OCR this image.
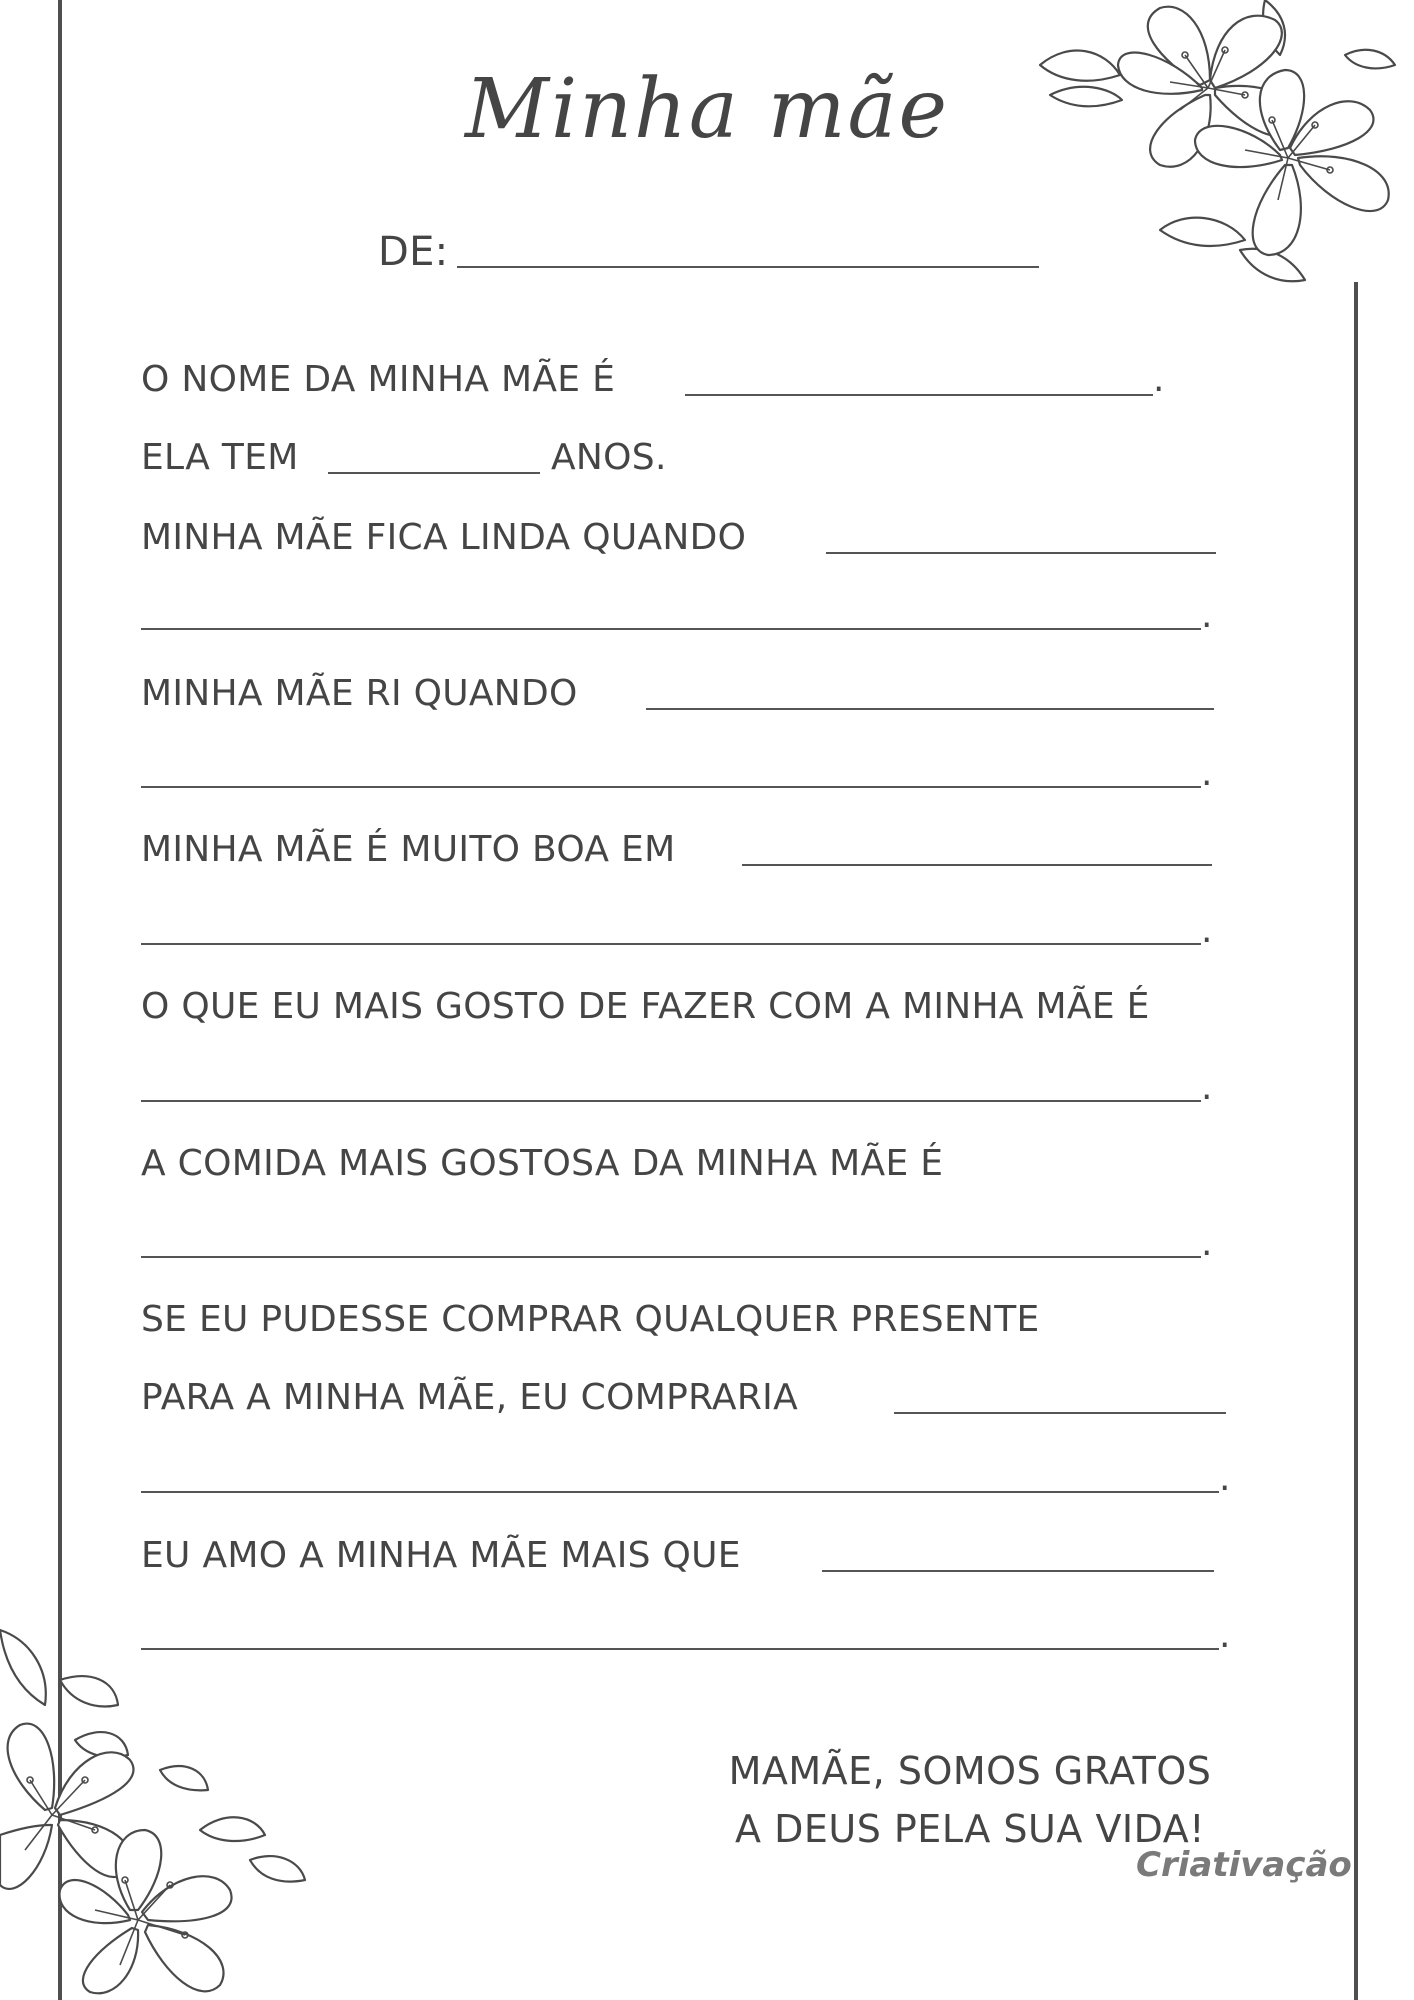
Minha mãe
DE:
O NOME DA MINHA MÃE É	.
ELA TEM	ANOS.
MINHA MÃE FICA LINDA QUANDO
.
MINHA MÃE RI QUANDO
.
MINHA MÃE É MUITO BOA EM
.
O QUE EU MAIS GOSTO DE FAZER COM A MINHA MÃE É
.
A COMIDA MAIS GOSTOSA DA MINHA MÃE É
.
SE EU PUDESSE COMPRAR QUALQUER PRESENTE
PARA A MINHA MÃE, EU COMPRARIA
.
EU AMO A MINHA MÃE MAIS QUE
.
MAMÃE, SOMOS GRATOS
A DEUS PELA SUA VIDA!
Criativação
